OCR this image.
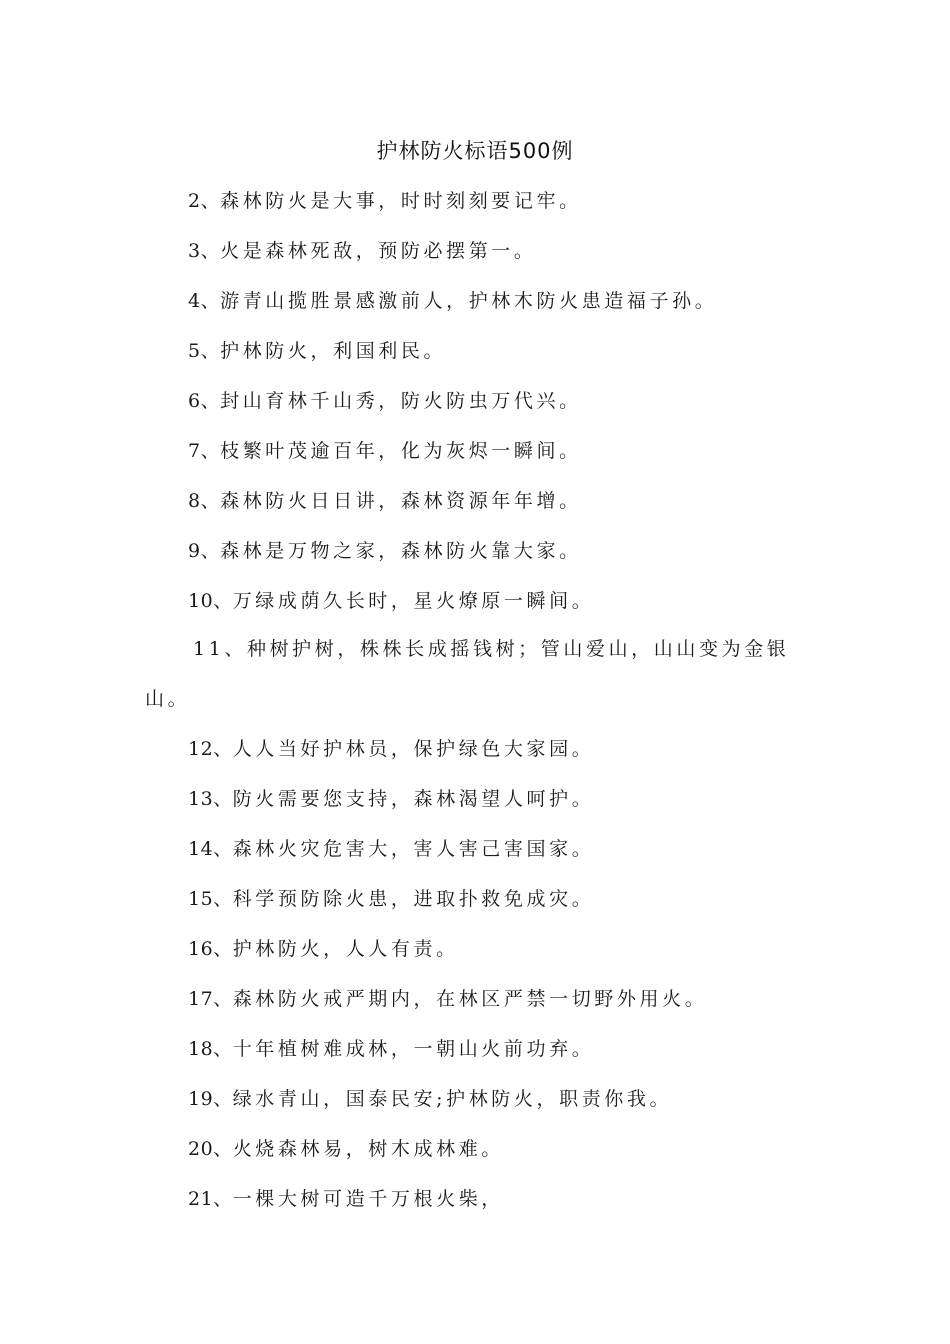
护林防火标语500例
2、森林防火是大事，时时刻刻要记牢。
3、火是森林死敌，预防必摆第一。
4、游青山揽胜景感激前人，护林木防火患造福子孙。
5、护林防火，利国利民。
6、封山育林千山秀，防火防虫万代兴。
7、枝繁叶茂逾百年，化为灰烬一瞬间。
8、森林防火日日讲，森林资源年年增。
9、森林是万物之家，森林防火靠大家。
10、万绿成荫久长时，星火燎原一瞬间。
11、种树护树，株株长成摇钱树；管山爱山，山山变为金银
山。
12、人人当好护林员，保护绿色大家园。
13、防火需要您支持，森林渴望人呵护。
14、森林火灾危害大，害人害己害国家。
15、科学预防除火患，进取扑救免成灾。
16、护林防火，人人有责。
17、森林防火戒严期内，在林区严禁一切野外用火。
18、十年植树难成林，一朝山火前功弃。
19、绿水青山，国泰民安;护林防火，职责你我。
20、火烧森林易，树木成林难。
21、一棵大树可造千万根火柴，
